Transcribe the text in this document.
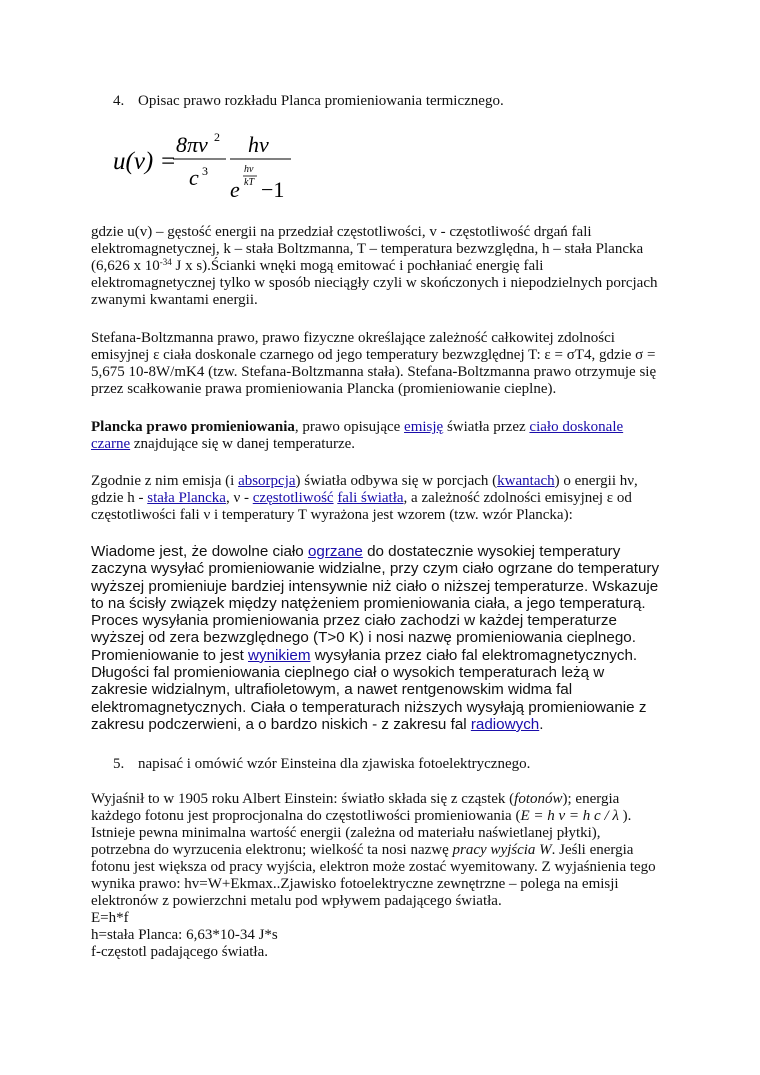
4. Opisac prawo rozkładu Planca promieniowania termicznego.
u(ν) =
8πν 2
c 3
hν
e
hν
kT −1
gdzie u(v) – gęstość energii na przedział częstotliwości, v - częstotliwość drgań fali
elektromagnetycznej, k – stała Boltzmanna, T – temperatura bezwzględna, h – stała Plancka
(6,626 x $10^{-34}$ J x s).Ścianki wnęki mogą emitować i pochłaniać energię fali
elektromagnetycznej tylko w sposób nieciągły czyli w skończonych i niepodzielnych porcjach
zwanymi kwantami energii.
Stefana-Boltzmanna prawo, prawo fizyczne określające zależność całkowitej zdolności
emisyjnej ε ciała doskonale czarnego od jego temperatury bezwzględnej T: ε = σT4, gdzie σ =
5,675 10-8W/mK4 (tzw. Stefana-Boltzmanna stała). Stefana-Boltzmanna prawo otrzymuje się
przez scałkowanie prawa promieniowania Plancka (promieniowanie cieplne).
Plancka prawo promieniowania, prawo opisujące emisję światła przez ciało doskonale
czarne znajdujące się w danej temperaturze.
Zgodnie z nim emisja (i absorpcja) światła odbywa się w porcjach (kwantach) o energii hν,
gdzie h - stała Plancka, ν - częstotliwość fali światła, a zależność zdolności emisyjnej ε od
częstotliwości fali ν i temperatury T wyrażona jest wzorem (tzw. wzór Plancka):
Wiadome jest, że dowolne ciało ogrzane do dostatecznie wysokiej temperatury
zaczyna wysyłać promieniowanie widzialne, przy czym ciało ogrzane do temperatury
wyższej promieniuje bardziej intensywnie niż ciało o niższej temperaturze. Wskazuje
to na ścisły związek między natężeniem promieniowania ciała, a jego temperaturą.
Proces wysyłania promieniowania przez ciało zachodzi w każdej temperaturze
wyższej od zera bezwzględnego (T>0 K) i nosi nazwę promieniowania cieplnego.
Promieniowanie to jest wynikiem wysyłania przez ciało fal elektromagnetycznych.
Długości fal promieniowania cieplnego ciał o wysokich temperaturach leżą w
zakresie widzialnym, ultrafioletowym, a nawet rentgenowskim widma fal
elektromagnetycznych. Ciała o temperaturach niższych wysyłają promieniowanie z
zakresu podczerwieni, a o bardzo niskich - z zakresu fal radiowych.
5. napisać i omówić wzór Einsteina dla zjawiska fotoelektrycznego.
Wyjaśnił to w 1905 roku Albert Einstein: światło składa się z cząstek (fotonów); energia
każdego fotonu jest proprocjonalna do częstotliwości promieniowania (E = h ν = h c / λ ).
Istnieje pewna minimalna wartość energii (zależna od materiału naświetlanej płytki),
potrzebna do wyrzucenia elektronu; wielkość ta nosi nazwę pracy wyjścia W. Jeśli energia
fotonu jest większa od pracy wyjścia, elektron może zostać wyemitowany. Z wyjaśnienia tego
wynika prawo: hv=W+Ekmax..Zjawisko fotoelektryczne zewnętrzne – polega na emisji
elektronów z powierzchni metalu pod wpływem padającego światła.
E=h*f
h=stała Planca: 6,63*10-34 J*s
f-częstotl padającego światła.
